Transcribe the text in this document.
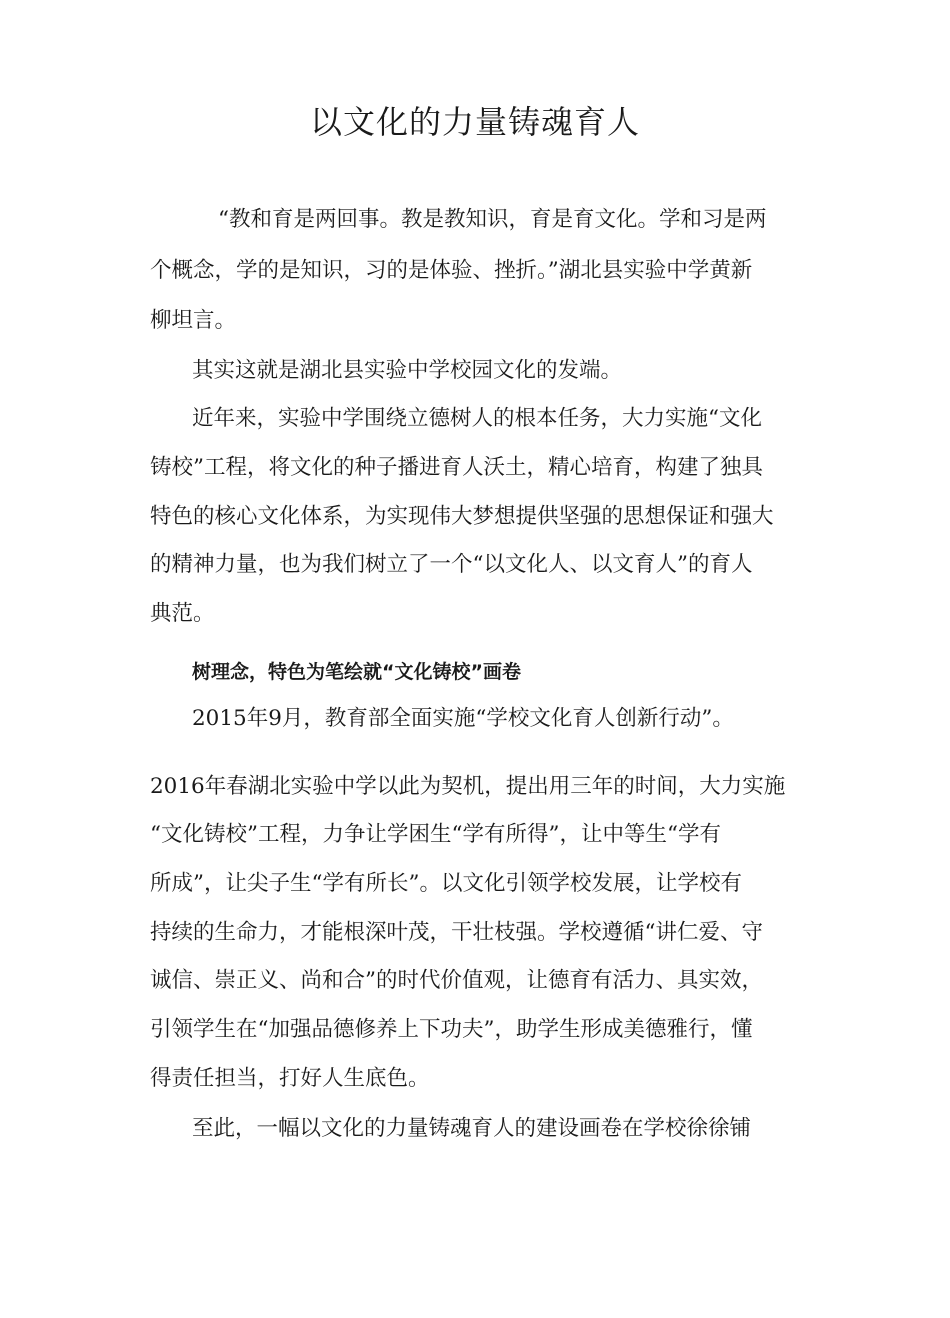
以文化的力量铸魂育人

“教和育是两回事。教是教知识，育是育文化。学和习是两

个概念，学的是知识，习的是体验、挫折。”湖北县实验中学黄新

柳坦言。

其实这就是湖北县实验中学校园文化的发端。

近年来，实验中学围绕立德树人的根本任务，大力实施“文化

铸校”工程，将文化的种子播进育人沃土，精心培育，构建了独具

特色的核心文化体系，为实现伟大梦想提供坚强的思想保证和强大

的精神力量，也为我们树立了一个“以文化人、以文育人”的育人

典范。

树理念，特色为笔绘就“文化铸校”画卷

2015年9月，教育部全面实施“学校文化育人创新行动”。

2016年春湖北实验中学以此为契机，提出用三年的时间，大力实施

“文化铸校”工程，力争让学困生“学有所得”，让中等生“学有

所成”，让尖子生“学有所长”。以文化引领学校发展，让学校有

持续的生命力，才能根深叶茂，干壮枝强。学校遵循“讲仁爱、守

诚信、崇正义、尚和合”的时代价值观，让德育有活力、具实效，

引领学生在“加强品德修养上下功夫”，助学生形成美德雅行，懂

得责任担当，打好人生底色。

至此，一幅以文化的力量铸魂育人的建设画卷在学校徐徐铺
